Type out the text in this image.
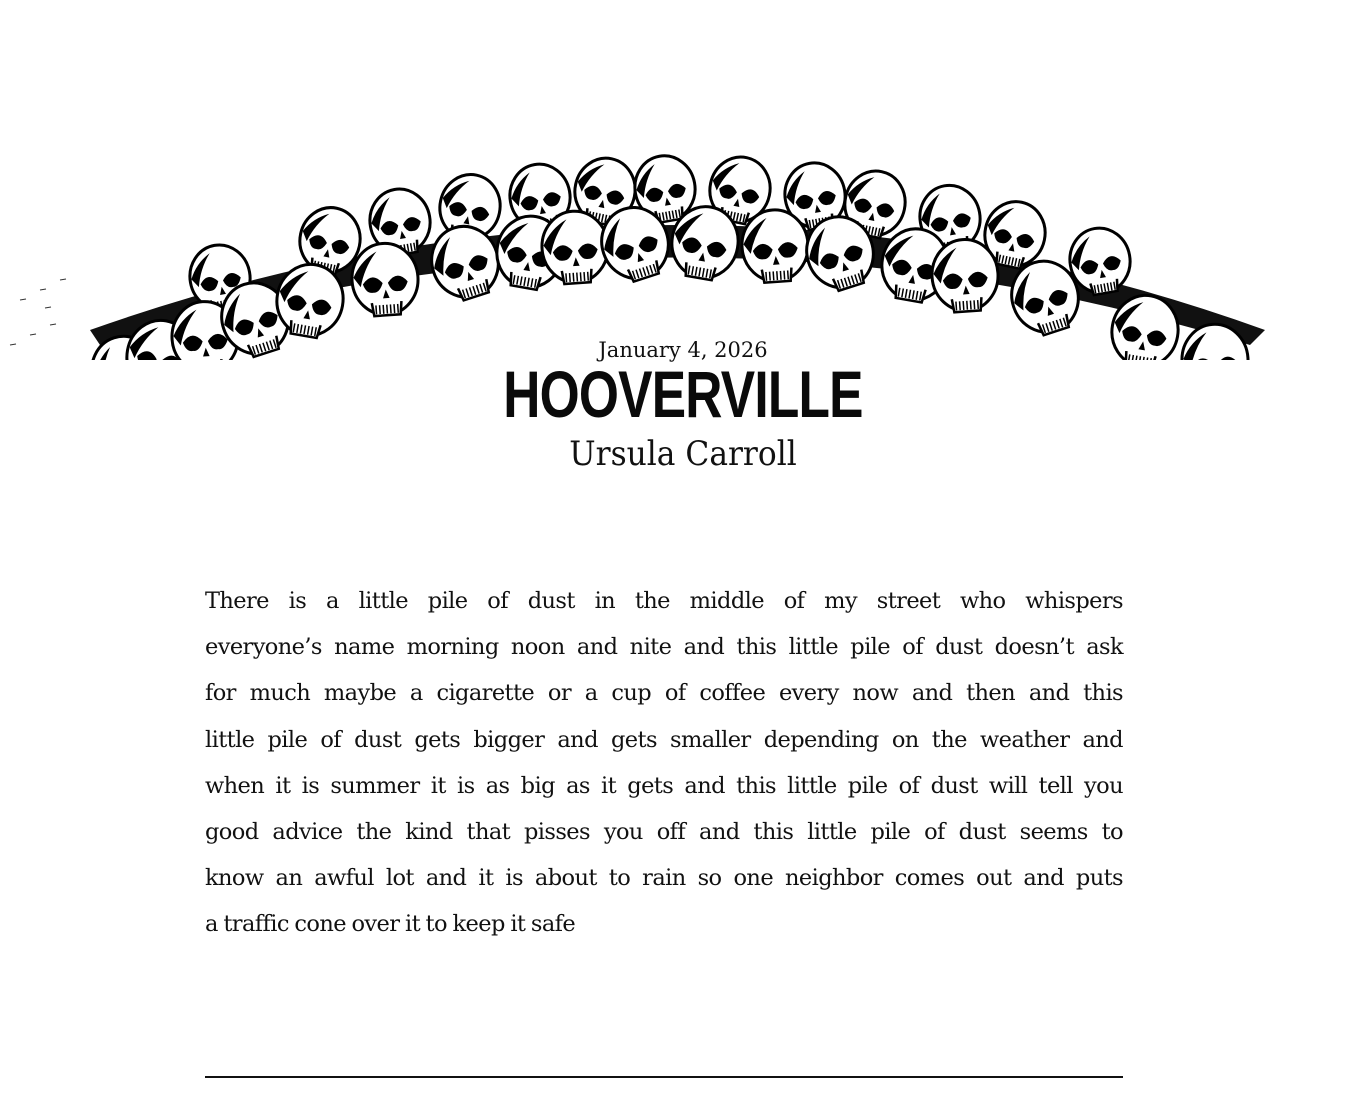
January 4, 2026
HOOVERVILLE
Ursula Carroll
There is a little pile of dust in the middle of my street who whispers
everyone’s name morning noon and nite and this little pile of dust doesn’t ask
for much maybe a cigarette or a cup of coffee every now and then and this
little pile of dust gets bigger and gets smaller depending on the weather and
when it is summer it is as big as it gets and this little pile of dust will tell you
good advice the kind that pisses you off and this little pile of dust seems to
know an awful lot and it is about to rain so one neighbor comes out and puts
a traffic cone over it to keep it safe
